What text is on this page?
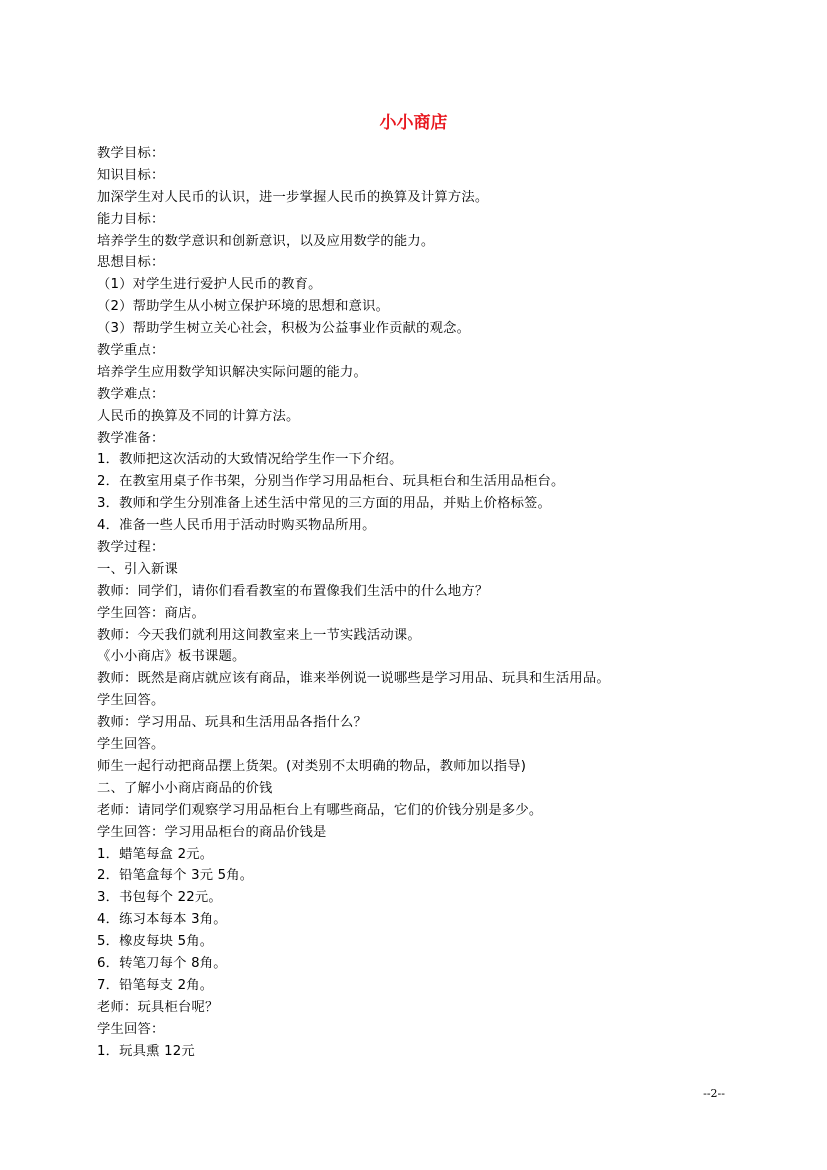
小小商店
教学目标：
知识目标：
加深学生对人民币的认识，进一步掌握人民币的换算及计算方法。
能力目标：
培养学生的数学意识和创新意识，以及应用数学的能力。
思想目标：
（1）对学生进行爱护人民币的教育。
（2）帮助学生从小树立保护环境的思想和意识。
（3）帮助学生树立关心社会，积极为公益事业作贡献的观念。
教学重点：
培养学生应用数学知识解决实际问题的能力。
教学难点：
人民币的换算及不同的计算方法。
教学准备：
1．教师把这次活动的大致情况给学生作一下介绍。
2．在教室用桌子作书架，分别当作学习用品柜台、玩具柜台和生活用品柜台。
3．教师和学生分别准备上述生活中常见的三方面的用品，并贴上价格标签。
4．准备一些人民币用于活动时购买物品所用。
教学过程：
一、引入新课
教师：同学们，请你们看看教室的布置像我们生活中的什么地方？
学生回答：商店。
教师：今天我们就利用这间教室来上一节实践活动课。
《小小商店》板书课题。
教师：既然是商店就应该有商品，谁来举例说一说哪些是学习用品、玩具和生活用品。
学生回答。
教师：学习用品、玩具和生活用品各指什么？
学生回答。
师生一起行动把商品摆上货架。(对类别不太明确的物品，教师加以指导)
二、了解小小商店商品的价钱
老师：请同学们观察学习用品柜台上有哪些商品，它们的价钱分别是多少。
学生回答：学习用品柜台的商品价钱是
1．蜡笔每盒 2元。
2．铅笔盒每个 3元 5角。
3．书包每个 22元。
4．练习本每本 3角。
5．橡皮每块 5角。
6．转笔刀每个 8角。
7．铅笔每支 2角。
老师：玩具柜台呢？
学生回答：
1．玩具熏 12元
--2--
